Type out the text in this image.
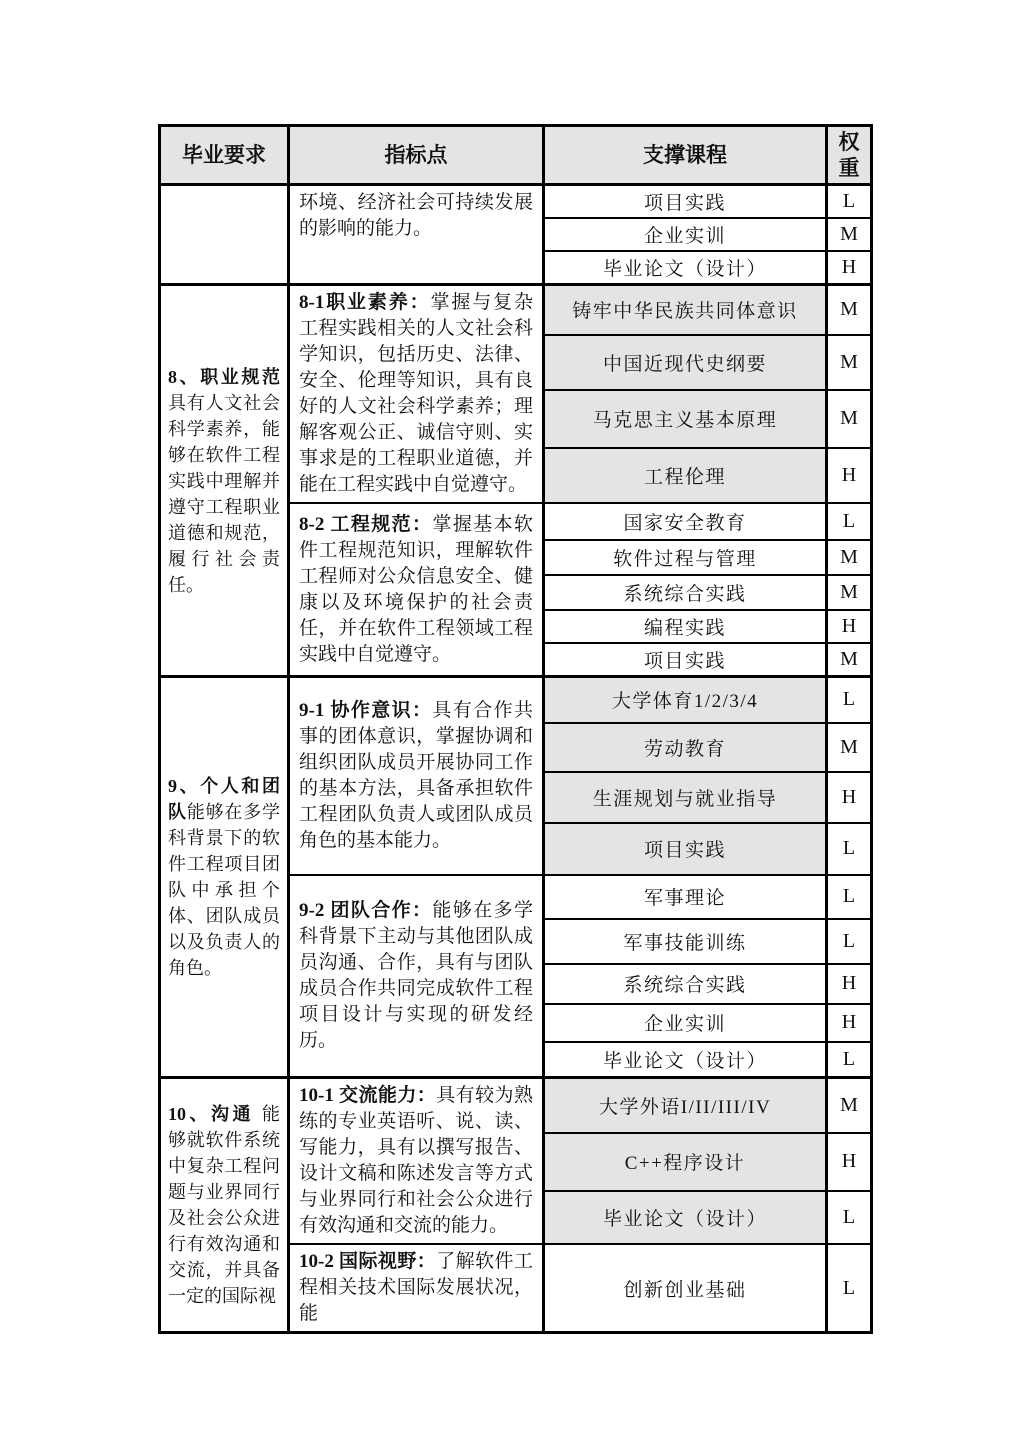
毕业要求	指标点	支撑课程	权重
	环境、经济社会可持续发展的影响的能力。	项目实践	L
		企业实训	M
		毕业论文（设计）	H
8、职业规范具有人文社会科学素养，能够在软件工程实践中理解并遵守工程职业道德和规范，履行社会责任。	8-1职业素养：掌握与复杂工程实践相关的人文社会科学知识，包括历史、法律、安全、伦理等知识，具有良好的人文社会科学素养；理解客观公正、诚信守则、实事求是的工程职业道德，并能在工程实践中自觉遵守。	铸牢中华民族共同体意识	M
		中国近现代史纲要	M
		马克思主义基本原理	M
		工程伦理	H
	8-2 工程规范：掌握基本软件工程规范知识，理解软件工程师对公众信息安全、健康以及环境保护的社会责任，并在软件工程领域工程实践中自觉遵守。	国家安全教育	L
		软件过程与管理	M
		系统综合实践	M
		编程实践	H
		项目实践	M
9、个人和团队能够在多学科背景下的软件工程项目团队中承担个体、团队成员以及负责人的角色。	9-1 协作意识：具有合作共事的团体意识，掌握协调和组织团队成员开展协同工作的基本方法，具备承担软件工程团队负责人或团队成员角色的基本能力。	大学体育1/2/3/4	L
		劳动教育	M
		生涯规划与就业指导	H
		项目实践	L
	9-2 团队合作：能够在多学科背景下主动与其他团队成员沟通、合作，具有与团队成员合作共同完成软件工程项目设计与实现的研发经历。	军事理论	L
		军事技能训练	L
		系统综合实践	H
		企业实训	H
		毕业论文（设计）	L
10、沟通 能够就软件系统中复杂工程问题与业界同行及社会公众进行有效沟通和交流，并具备一定的国际视	10-1 交流能力：具有较为熟练的专业英语听、说、读、写能力，具有以撰写报告、设计文稿和陈述发言等方式与业界同行和社会公众进行有效沟通和交流的能力。	大学外语I/II/III/IV	M
		C++程序设计	H
		毕业论文（设计）	L
	10-2 国际视野：了解软件工程相关技术国际发展状况，能	创新创业基础	L
